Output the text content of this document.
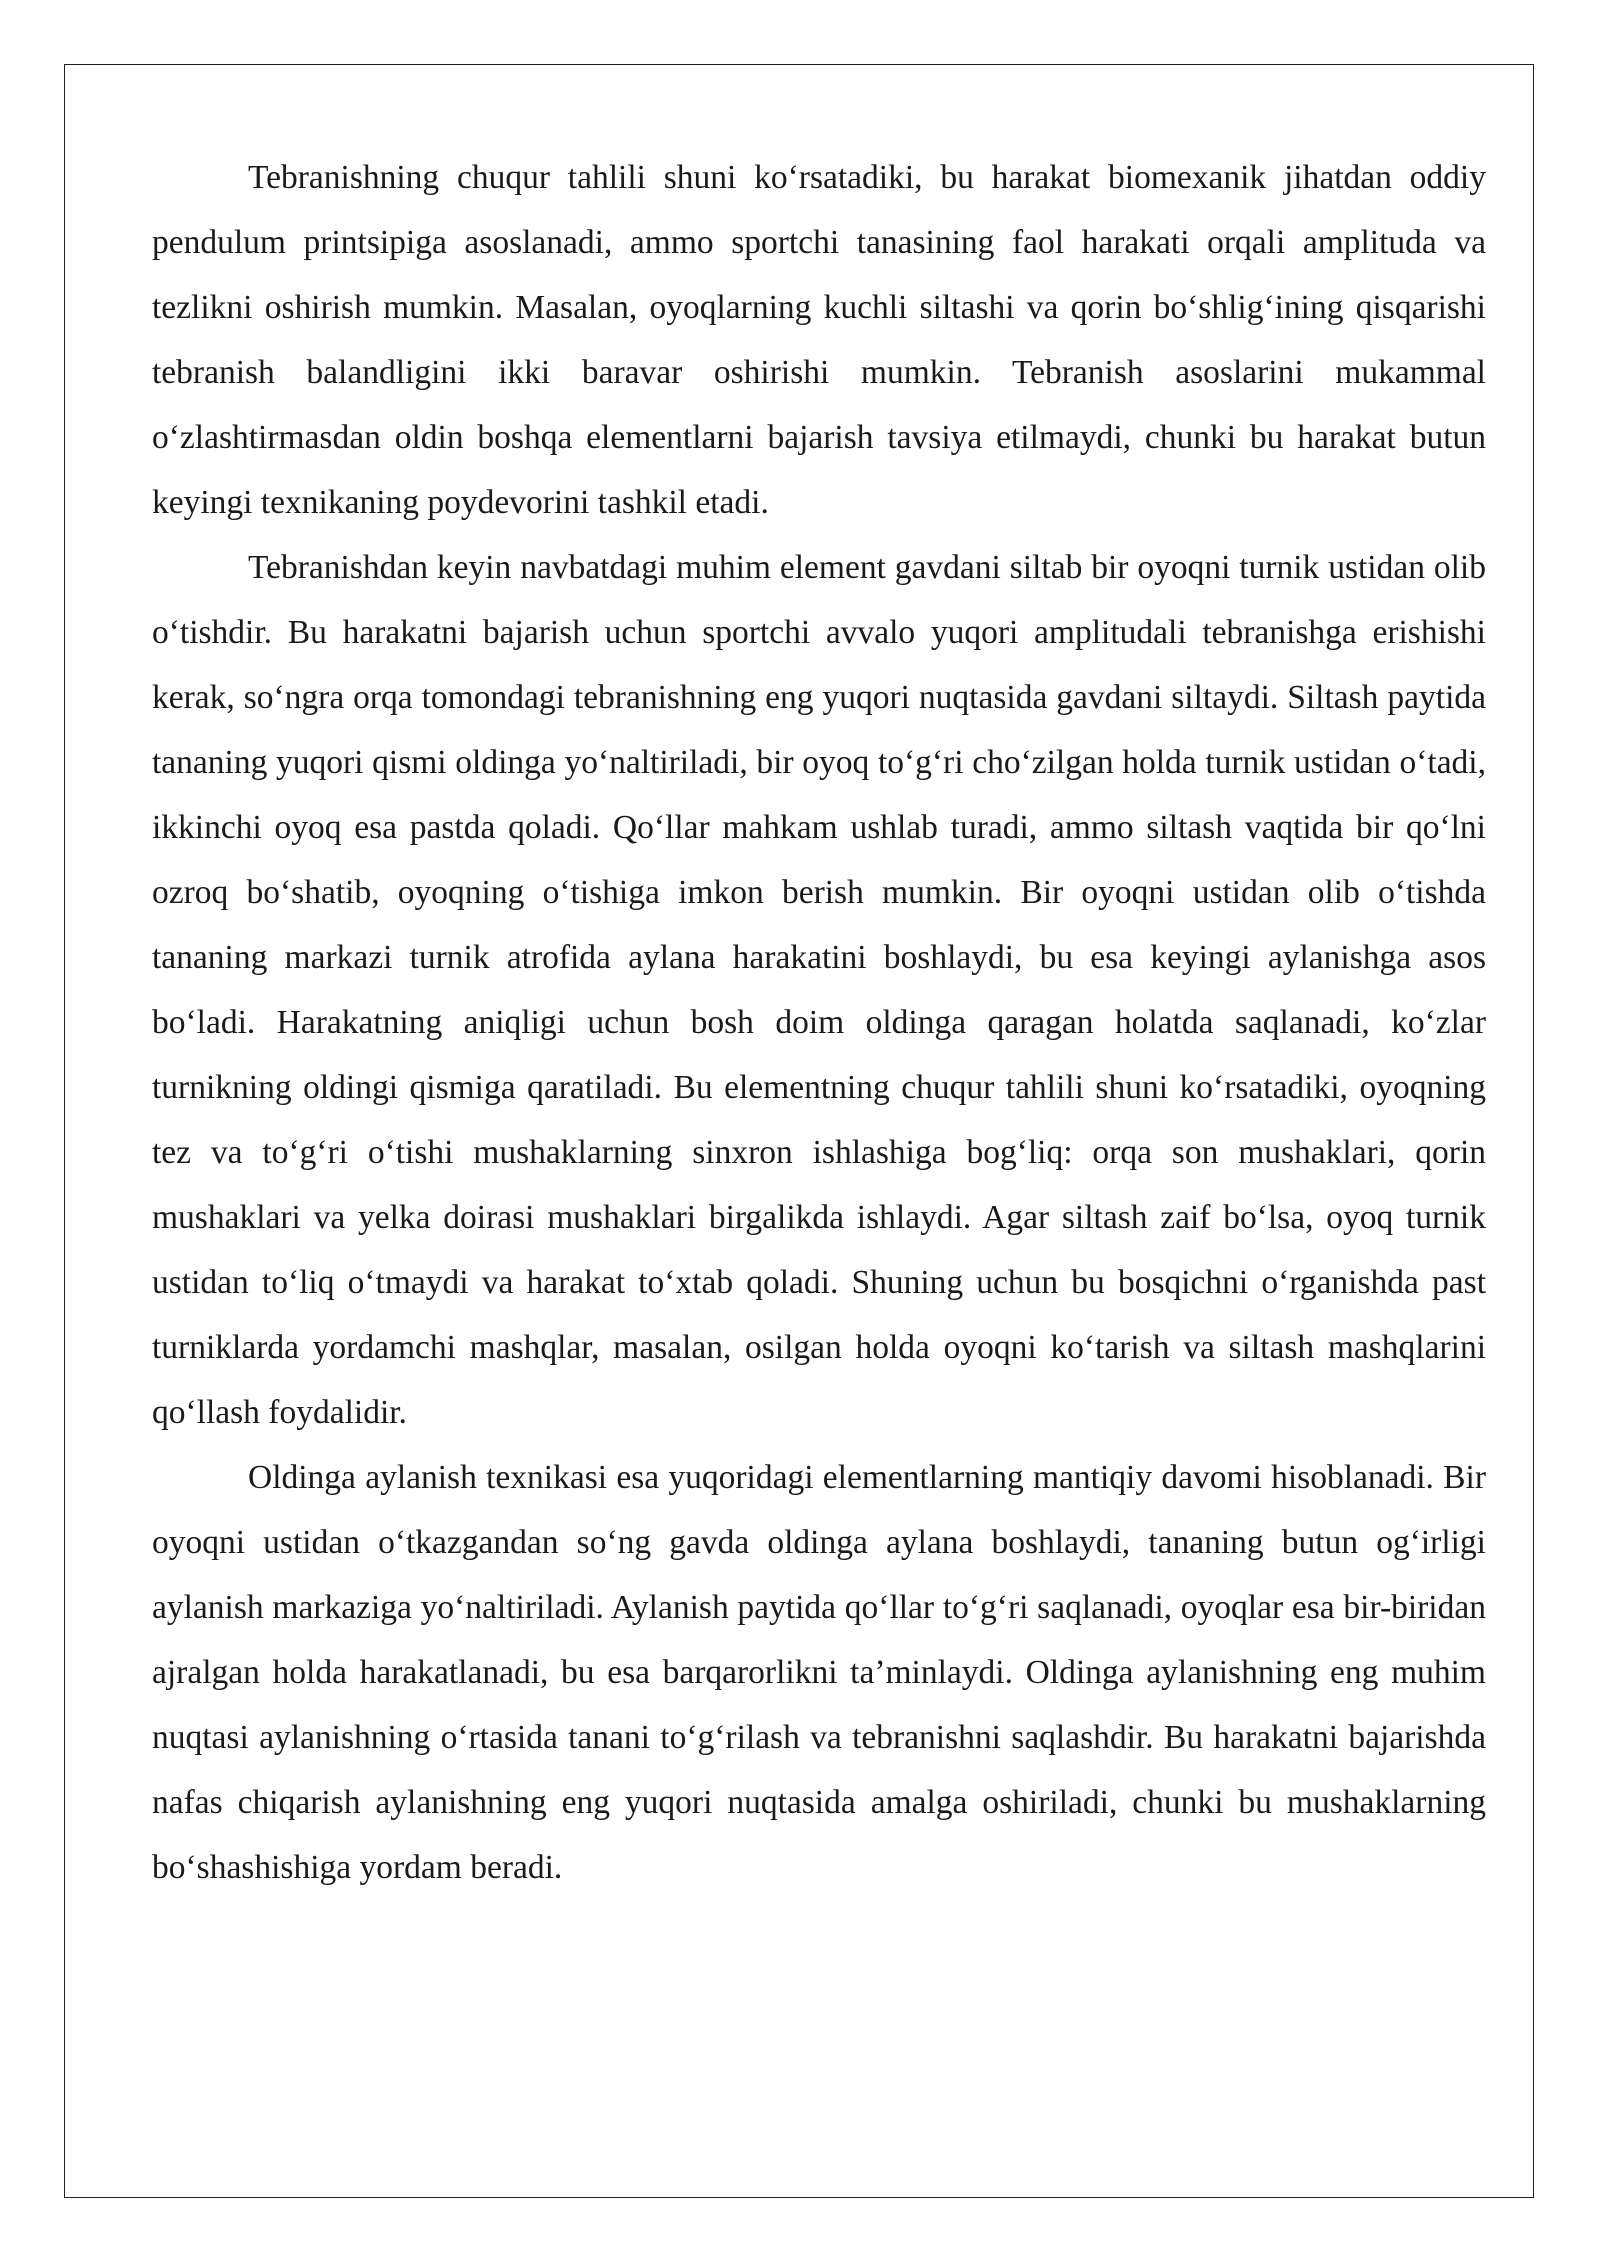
Tebranishning chuqur tahlili shuni koʻrsatadiki, bu harakat biomexanik jihatdan oddiy pendulum printsipiga asoslanadi, ammo sportchi tanasining faol harakati orqali amplituda va tezlikni oshirish mumkin. Masalan, oyoqlarning kuchli siltashi va qorin boʻshligʻining qisqarishi tebranish balandligini ikki baravar oshirishi mumkin. Tebranish asoslarini mukammal oʻzlashtirmasdan oldin boshqa elementlarni bajarish tavsiya etilmaydi, chunki bu harakat butun keyingi texnikaning poydevorini tashkil etadi.

Tebranishdan keyin navbatdagi muhim element gavdani siltab bir oyoqni turnik ustidan olib oʻtishdir. Bu harakatni bajarish uchun sportchi avvalo yuqori amplitudali tebranishga erishishi kerak, soʻngra orqa tomondagi tebranishning eng yuqori nuqtasida gavdani siltaydi. Siltash paytida tananing yuqori qismi oldinga yoʻnaltiriladi, bir oyoq toʻgʻri choʻzilgan holda turnik ustidan oʻtadi, ikkinchi oyoq esa pastda qoladi. Qoʻllar mahkam ushlab turadi, ammo siltash vaqtida bir qoʻlni ozroq boʻshatib, oyoqning oʻtishiga imkon berish mumkin. Bir oyoqni ustidan olib oʻtishda tananing markazi turnik atrofida aylana harakatini boshlaydi, bu esa keyingi aylanishga asos boʻladi. Harakatning aniqligi uchun bosh doim oldinga qaragan holatda saqlanadi, koʻzlar turnikning oldingi qismiga qaratiladi. Bu elementning chuqur tahlili shuni koʻrsatadiki, oyoqning tez va toʻgʻri oʻtishi mushaklarning sinxron ishlashiga bogʻliq: orqa son mushaklari, qorin mushaklari va yelka doirasi mushaklari birgalikda ishlaydi. Agar siltash zaif boʻlsa, oyoq turnik ustidan toʻliq oʻtmaydi va harakat toʻxtab qoladi. Shuning uchun bu bosqichni oʻrganishda past turniklarda yordamchi mashqlar, masalan, osilgan holda oyoqni koʻtarish va siltash mashqlarini qoʻllash foydalidir.

Oldinga aylanish texnikasi esa yuqoridagi elementlarning mantiqiy davomi hisoblanadi. Bir oyoqni ustidan oʻtkazgandan soʻng gavda oldinga aylana boshlaydi, tananing butun ogʻirligi aylanish markaziga yoʻnaltiriladi. Aylanish paytida qoʻllar toʻgʻri saqlanadi, oyoqlar esa bir-biridan ajralgan holda harakatlanadi, bu esa barqarorlikni taʼminlaydi. Oldinga aylanishning eng muhim nuqtasi aylanishning oʻrtasida tanani toʻgʻrilash va tebranishni saqlashdir. Bu harakatni bajarishda nafas chiqarish aylanishning eng yuqori nuqtasida amalga oshiriladi, chunki bu mushaklarning boʻshashishiga yordam beradi.
